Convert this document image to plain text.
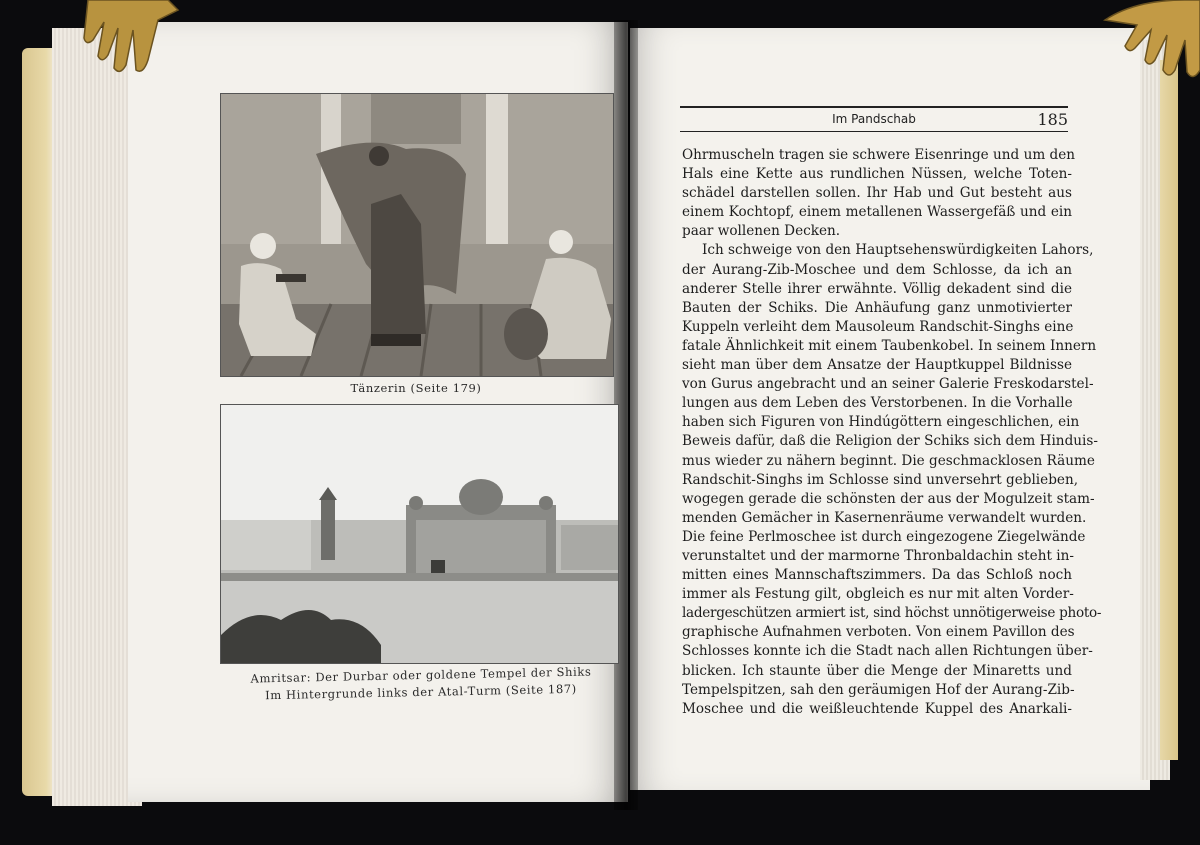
Tänzerin (Seite 179)
Amritsar: Der Durbar oder goldene Tempel der Shiks
Im Hintergrunde links der Atal-Turm (Seite 187)
Im Pandschab	185
Ohrmuscheln tragen sie schwere Eisenringe und um den
Hals eine Kette aus rundlichen Nüssen, welche Toten-
schädel darstellen sollen. Ihr Hab und Gut besteht aus
einem Kochtopf, einem metallenen Wassergefäß und ein
paar wollenen Decken.
Ich schweige von den Hauptsehenswürdigkeiten Lahors,
der Aurang-Zib-Moschee und dem Schlosse, da ich an
anderer Stelle ihrer erwähnte. Völlig dekadent sind die
Bauten der Schiks. Die Anhäufung ganz unmotivierter
Kuppeln verleiht dem Mausoleum Randschit-Singhs eine
fatale Ähnlichkeit mit einem Taubenkobel. In seinem Innern
sieht man über dem Ansatze der Hauptkuppel Bildnisse
von Gurus angebracht und an seiner Galerie Freskodarstel-
lungen aus dem Leben des Verstorbenen. In die Vorhalle
haben sich Figuren von Hindúgöttern eingeschlichen, ein
Beweis dafür, daß die Religion der Schiks sich dem Hinduis-
mus wieder zu nähern beginnt. Die geschmacklosen Räume
Randschit-Singhs im Schlosse sind unversehrt geblieben,
wogegen gerade die schönsten der aus der Mogulzeit stam-
menden Gemächer in Kasernenräume verwandelt wurden.
Die feine Perlmoschee ist durch eingezogene Ziegelwände
verunstaltet und der marmorne Thronbaldachin steht in-
mitten eines Mannschaftszimmers. Da das Schloß noch
immer als Festung gilt, obgleich es nur mit alten Vorder-
ladergeschützen armiert ist, sind höchst unnötigerweise photo-
graphische Aufnahmen verboten. Von einem Pavillon des
Schlosses konnte ich die Stadt nach allen Richtungen über-
blicken. Ich staunte über die Menge der Minaretts und
Tempelspitzen, sah den geräumigen Hof der Aurang-Zib-
Moschee und die weißleuchtende Kuppel des Anarkali-
